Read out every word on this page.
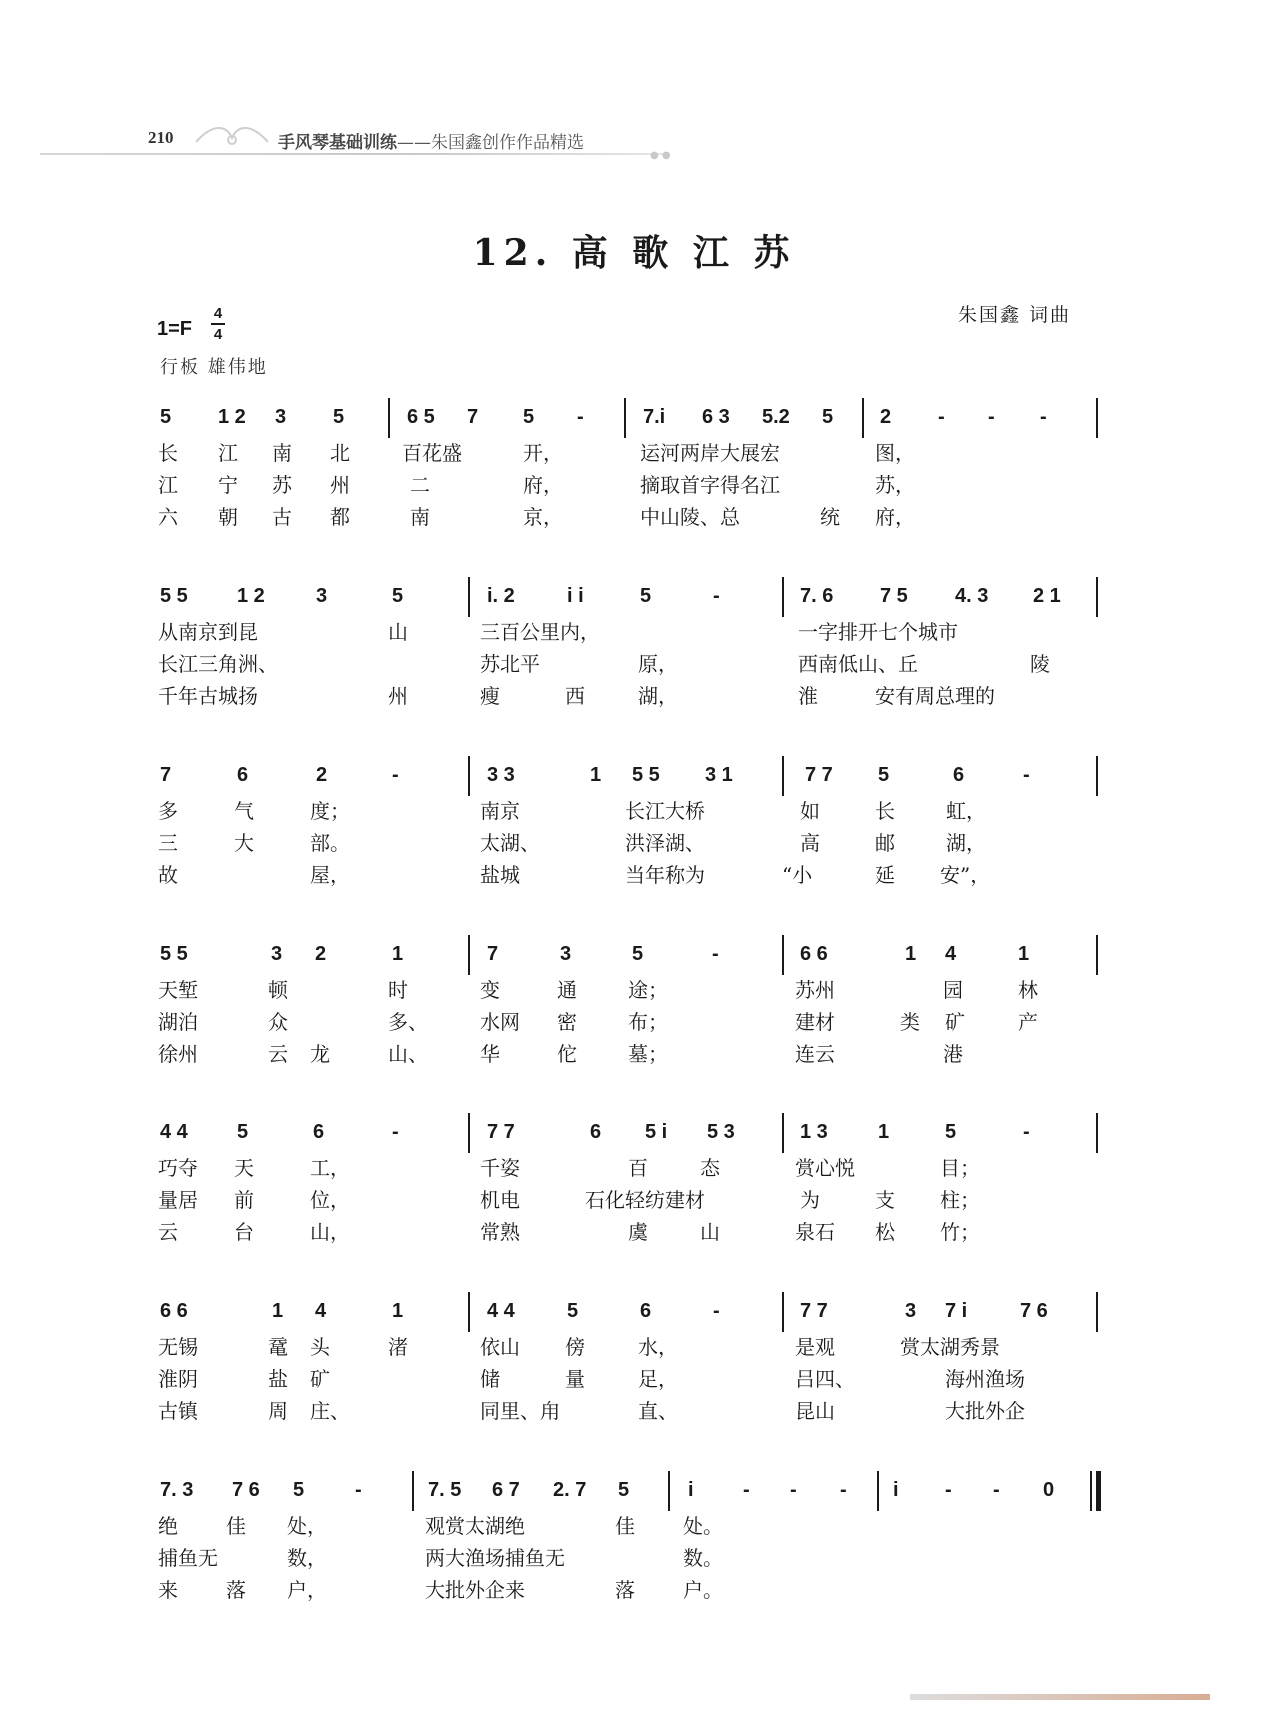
210	手风琴基础训练——朱国鑫创作作品精选
● ●
12. 高 歌 江 苏
1=F
4
4
朱国鑫 词曲
行板 雄伟地
5 1 2 3 5	6 5 7 5 -	7.i 6 3 5.2 5 2 - - -
长 江 南 北	百花盛	开，	运河两岸大展宏	图，
江 宁 苏 州	二	府，	摘取首字得名江	苏，
六 朝 古 都	南	京，	中山陵、总	统 府，
5 5 1 2	3	5	i. 2	i i	5	-	7. 6 7 5 4. 3 2 1
从南京到昆	山	三百公里内，	一字排开七个城市
长江三角洲、	苏北平	原，	西南低山、丘	陵
千年古城扬	州	瘦	西	湖，	淮	安有周总理的
7	6	2	-	3 3	1 5 5 3 1	7 7 5	6	-
多	气	度；	南京	长江大桥	如	长	虹，
三	大	部。	太湖、	洪泽湖、	高	邮	湖，
故	屋，	盐城	当年称为	“小	延 安”，
5 5	3 2	1	7	3	5	-	6 6	1 4	1
天堑	顿	时	变	通	途；	苏州	园	林
湖泊	众	多、	水网 密	布；	建材	类 矿	产
徐州	云 龙	山、	华	佗	墓；	连云	港
4 4 5	6	-	7 7	6 5 i 5 3	1 3	1	5	-
巧夺 天	工，	千姿	百	态	赏心悦	目；
量居 前	位，	机电	石化轻纺建材	为	支 柱；
云	台	山，	常熟	虞	山	泉石 松 竹；
6 6	1 4	1	4 4	5	6	-	7 7	3 7 i	7 6
无锡	鼋 头	渚	依山 傍	水，	是观	赏太湖秀景
淮阴	盐 矿	储	量	足，	吕四、	海州渔场
古镇	周 庄、	同里、甪	直、	昆山	大批外企
7. 3 7 6 5	-	7. 5 6 7 2. 7 5	i - - - i - - 0
绝 佳 处，	观赏太湖绝	佳 处。
捕鱼无	数，	两大渔场捕鱼无	数。
来 落 户，	大批外企来	落 户。
